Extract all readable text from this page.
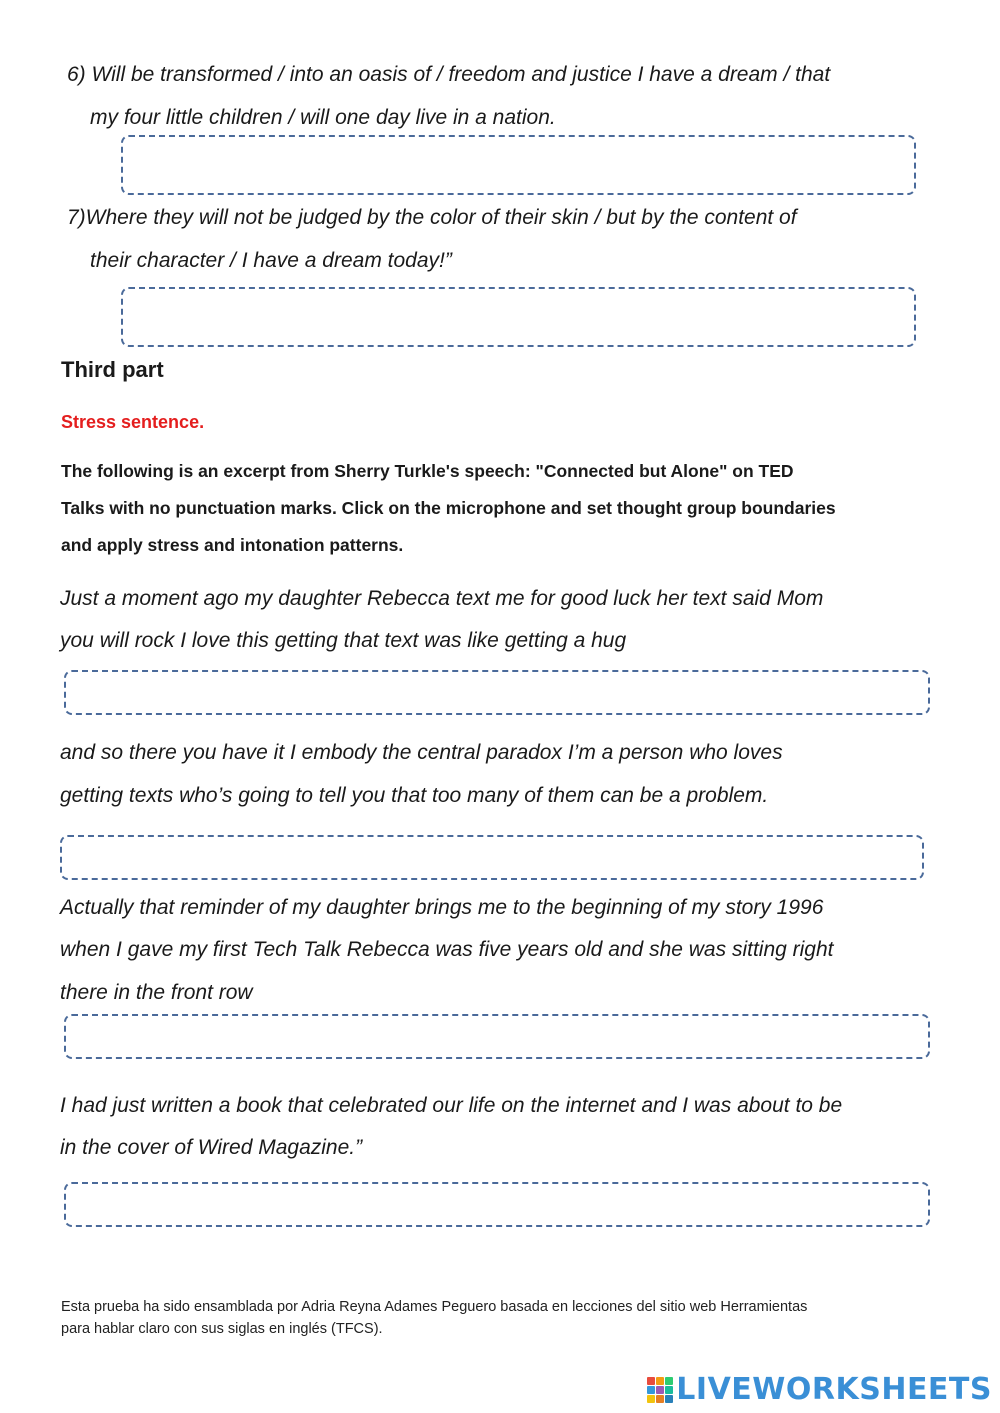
6) Will be transformed / into an oasis of / freedom and justice I have a dream / that
my four little children / will one day live in a nation.
7)Where they will not be judged by the color of their skin / but by the content of
their character / I have a dream today!”
Third part
Stress sentence.
The following is an excerpt from Sherry Turkle's speech: "Connected but Alone" on TED
Talks with no punctuation marks. Click on the microphone and set thought group boundaries
and apply stress and intonation patterns.
Just a moment ago my daughter Rebecca text me for good luck her text said Mom
you will rock I love this getting that text was like getting a hug
and so there you have it I embody the central paradox I’m a person who loves
getting texts who’s going to tell you that too many of them can be a problem.
Actually that reminder of my daughter brings me to the beginning of my story 1996
when I gave my first Tech Talk Rebecca was five years old and she was sitting right
there in the front row
I had just written a book that celebrated our life on the internet and I was about to be
in the cover of Wired Magazine.”
Esta prueba ha sido ensamblada por Adria Reyna Adames Peguero basada en lecciones del sitio web Herramientas
para hablar claro con sus siglas en inglés (TFCS).
LIVEWORKSHEETS
